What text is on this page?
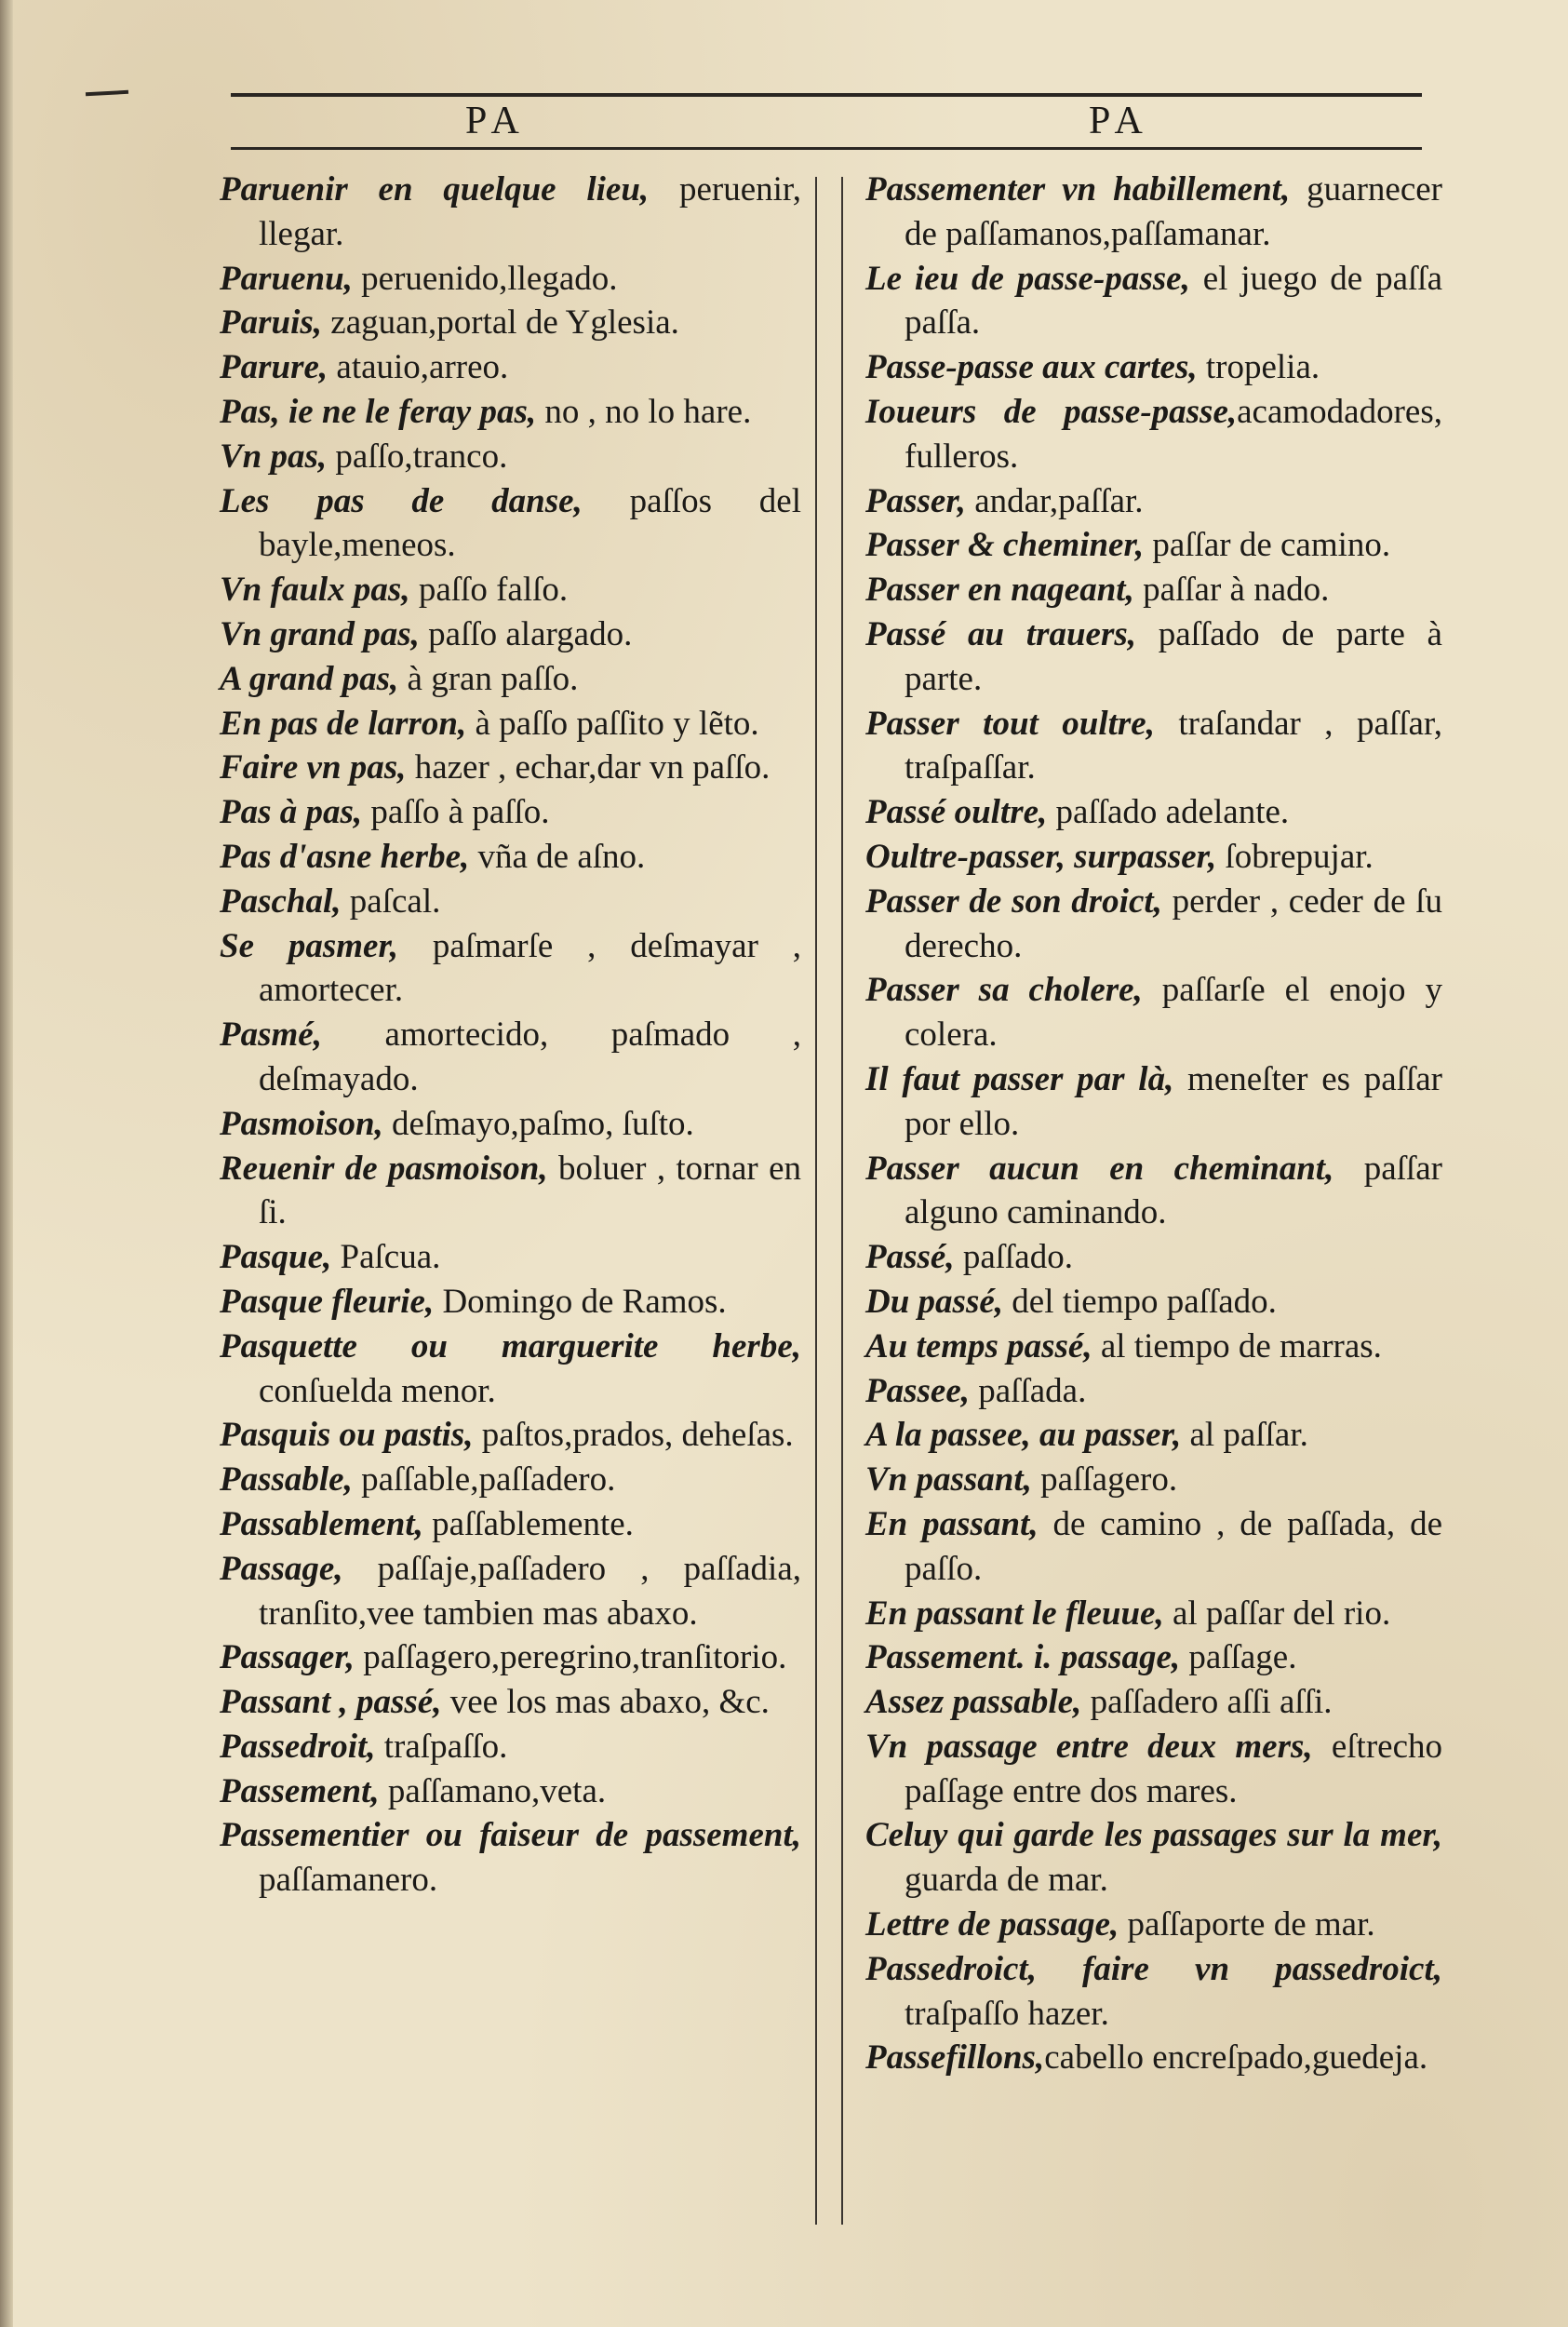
PA	PA
Paruenir en quelque lieu, peruenir, llegar.
Paruenu, peruenido,llegado.
Paruis, zaguan,portal de Yglesia.
Parure, atauio,arreo.
Pas, ie ne le feray pas, no , no lo hare.
Vn pas, paſſo,tranco.
Les pas de danse, paſſos del bayle,meneos.
Vn faulx pas, paſſo falſo.
Vn grand pas, paſſo alargado.
A grand pas, à gran paſſo.
En pas de larron, à paſſo paſſito y lẽto.
Faire vn pas, hazer , echar,dar vn paſſo.
Pas à pas, paſſo à paſſo.
Pas d'asne herbe, vña de aſno.
Paschal, paſcal.
Se pasmer, paſmarſe , deſmayar , amortecer.
Pasmé, amortecido, paſmado , deſmayado.
Pasmoison, deſmayo,paſmo, ſuſto.
Reuenir de pasmoison, boluer , tornar en ſi.
Pasque, Paſcua.
Pasque fleurie, Domingo de Ramos.
Pasquette ou marguerite herbe, conſuelda menor.
Pasquis ou pastis, paſtos,prados, deheſas.
Passable, paſſable,paſſadero.
Passablement, paſſablemente.
Passage, paſſaje,paſſadero , paſſadia, tranſito,vee tambien mas abaxo.
Passager, paſſagero,peregrino,tranſitorio.
Passant , passé, vee los mas abaxo, &c.
Passedroit, traſpaſſo.
Passement, paſſamano,veta.
Passementier ou faiseur de passement, paſſamanero.
Passementer vn habillement, guarnecer de paſſamanos,paſſamanar.
Le ieu de passe-passe, el juego de paſſa paſſa.
Passe-passe aux cartes, tropelia.
Ioueurs de passe-passe,acamodadores, fulleros.
Passer, andar,paſſar.
Passer & cheminer, paſſar de camino.
Passer en nageant, paſſar à nado.
Passé au trauers, paſſado de parte à parte.
Passer tout oultre, traſandar , paſſar, traſpaſſar.
Passé oultre, paſſado adelante.
Oultre-passer, surpasser, ſobrepujar.
Passer de son droict, perder , ceder de ſu derecho.
Passer sa cholere, paſſarſe el enojo y colera.
Il faut passer par là, meneſter es paſſar por ello.
Passer aucun en cheminant, paſſar alguno caminando.
Passé, paſſado.
Du passé, del tiempo paſſado.
Au temps passé, al tiempo de marras.
Passee, paſſada.
A la passee, au passer, al paſſar.
Vn passant, paſſagero.
En passant, de camino , de paſſada, de paſſo.
En passant le fleuue, al paſſar del rio.
Passement. i. passage, paſſage.
Assez passable, paſſadero aſſi aſſi.
Vn passage entre deux mers, eſtrecho paſſage entre dos mares.
Celuy qui garde les passages sur la mer, guarda de mar.
Lettre de passage, paſſaporte de mar.
Passedroict, faire vn passedroict, traſpaſſo hazer.
Passefillons,cabello encreſpado,guedeja.
